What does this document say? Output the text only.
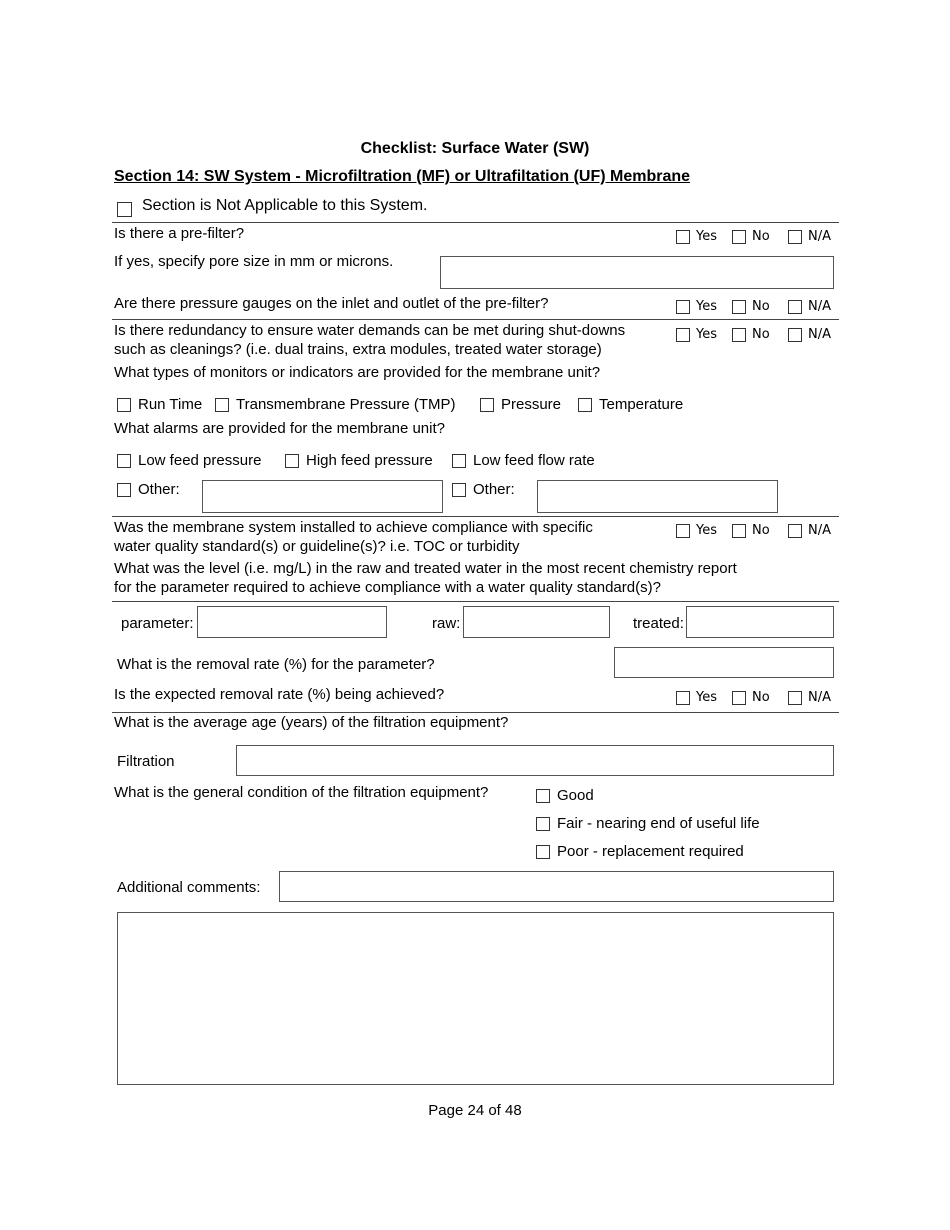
Checklist: Surface Water (SW)
Section 14: SW System - Microfiltration (MF) or Ultrafiltation (UF) Membrane
Section is Not Applicable to this System.
Is there a pre-filter?	Yes	No	N/A
If yes, specify pore size in mm or microns.
Are there pressure gauges on the inlet and outlet of the pre-filter?	Yes	No	N/A
Is there redundancy to ensure water demands can be met during shut-downs
such as cleanings? (i.e. dual trains, extra modules, treated water storage)
Yes	No	N/A
What types of monitors or indicators are provided for the membrane unit?
Run Time Transmembrane Pressure (TMP)	Pressure	Temperature
What alarms are provided for the membrane unit?
Low feed pressure	High feed pressure	Low feed flow rate
Other:	Other:
Was the membrane system installed to achieve compliance with specific
water quality standard(s) or guideline(s)? i.e. TOC or turbidity
Yes	No	N/A
What was the level (i.e. mg/L) in the raw and treated water in the most recent chemistry report
for the parameter required to achieve compliance with a water quality standard(s)?
parameter:	raw:	treated:
What is the removal rate (%) for the parameter?
Is the expected removal rate (%) being achieved?	Yes	No	N/A
What is the average age (years) of the filtration equipment?
Filtration
What is the general condition of the filtration equipment?	Good
Fair - nearing end of useful life
Poor - replacement required
Additional comments:
Page 24 of 48
